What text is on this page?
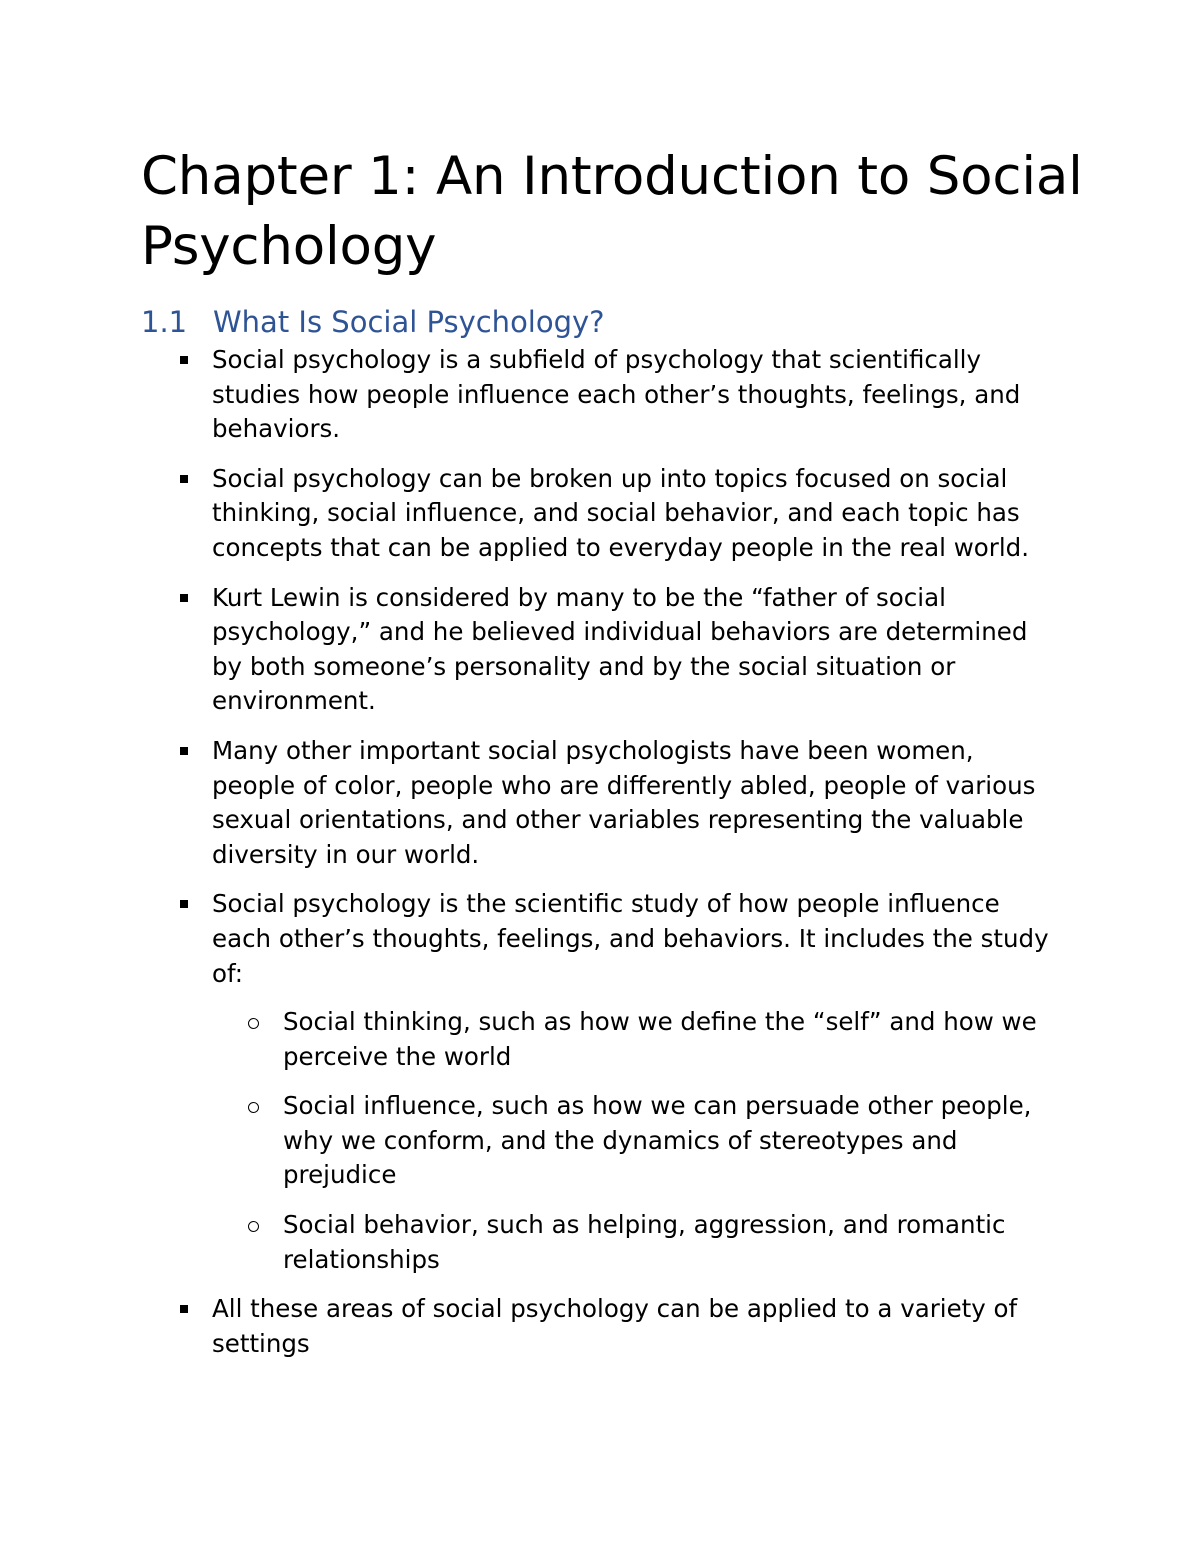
Chapter 1: An Introduction to Social Psychology
1.1 What Is Social Psychology?
Social psychology is a subfield of psychology that scientifically studies how people influence each other’s thoughts, feelings, and behaviors.
Social psychology can be broken up into topics focused on social thinking, social influence, and social behavior, and each topic has concepts that can be applied to everyday people in the real world.
Kurt Lewin is considered by many to be the “father of social psychology,” and he believed individual behaviors are determined by both someone’s personality and by the social situation or environment.
Many other important social psychologists have been women, people of color, people who are differently abled, people of various sexual orientations, and other variables representing the valuable diversity in our world.
Social psychology is the scientific study of how people influence each other’s thoughts, feelings, and behaviors. It includes the study of:
Social thinking, such as how we define the “self” and how we perceive the world
Social influence, such as how we can persuade other people, why we conform, and the dynamics of stereotypes and prejudice
Social behavior, such as helping, aggression, and romantic relationships
All these areas of social psychology can be applied to a variety of settings
